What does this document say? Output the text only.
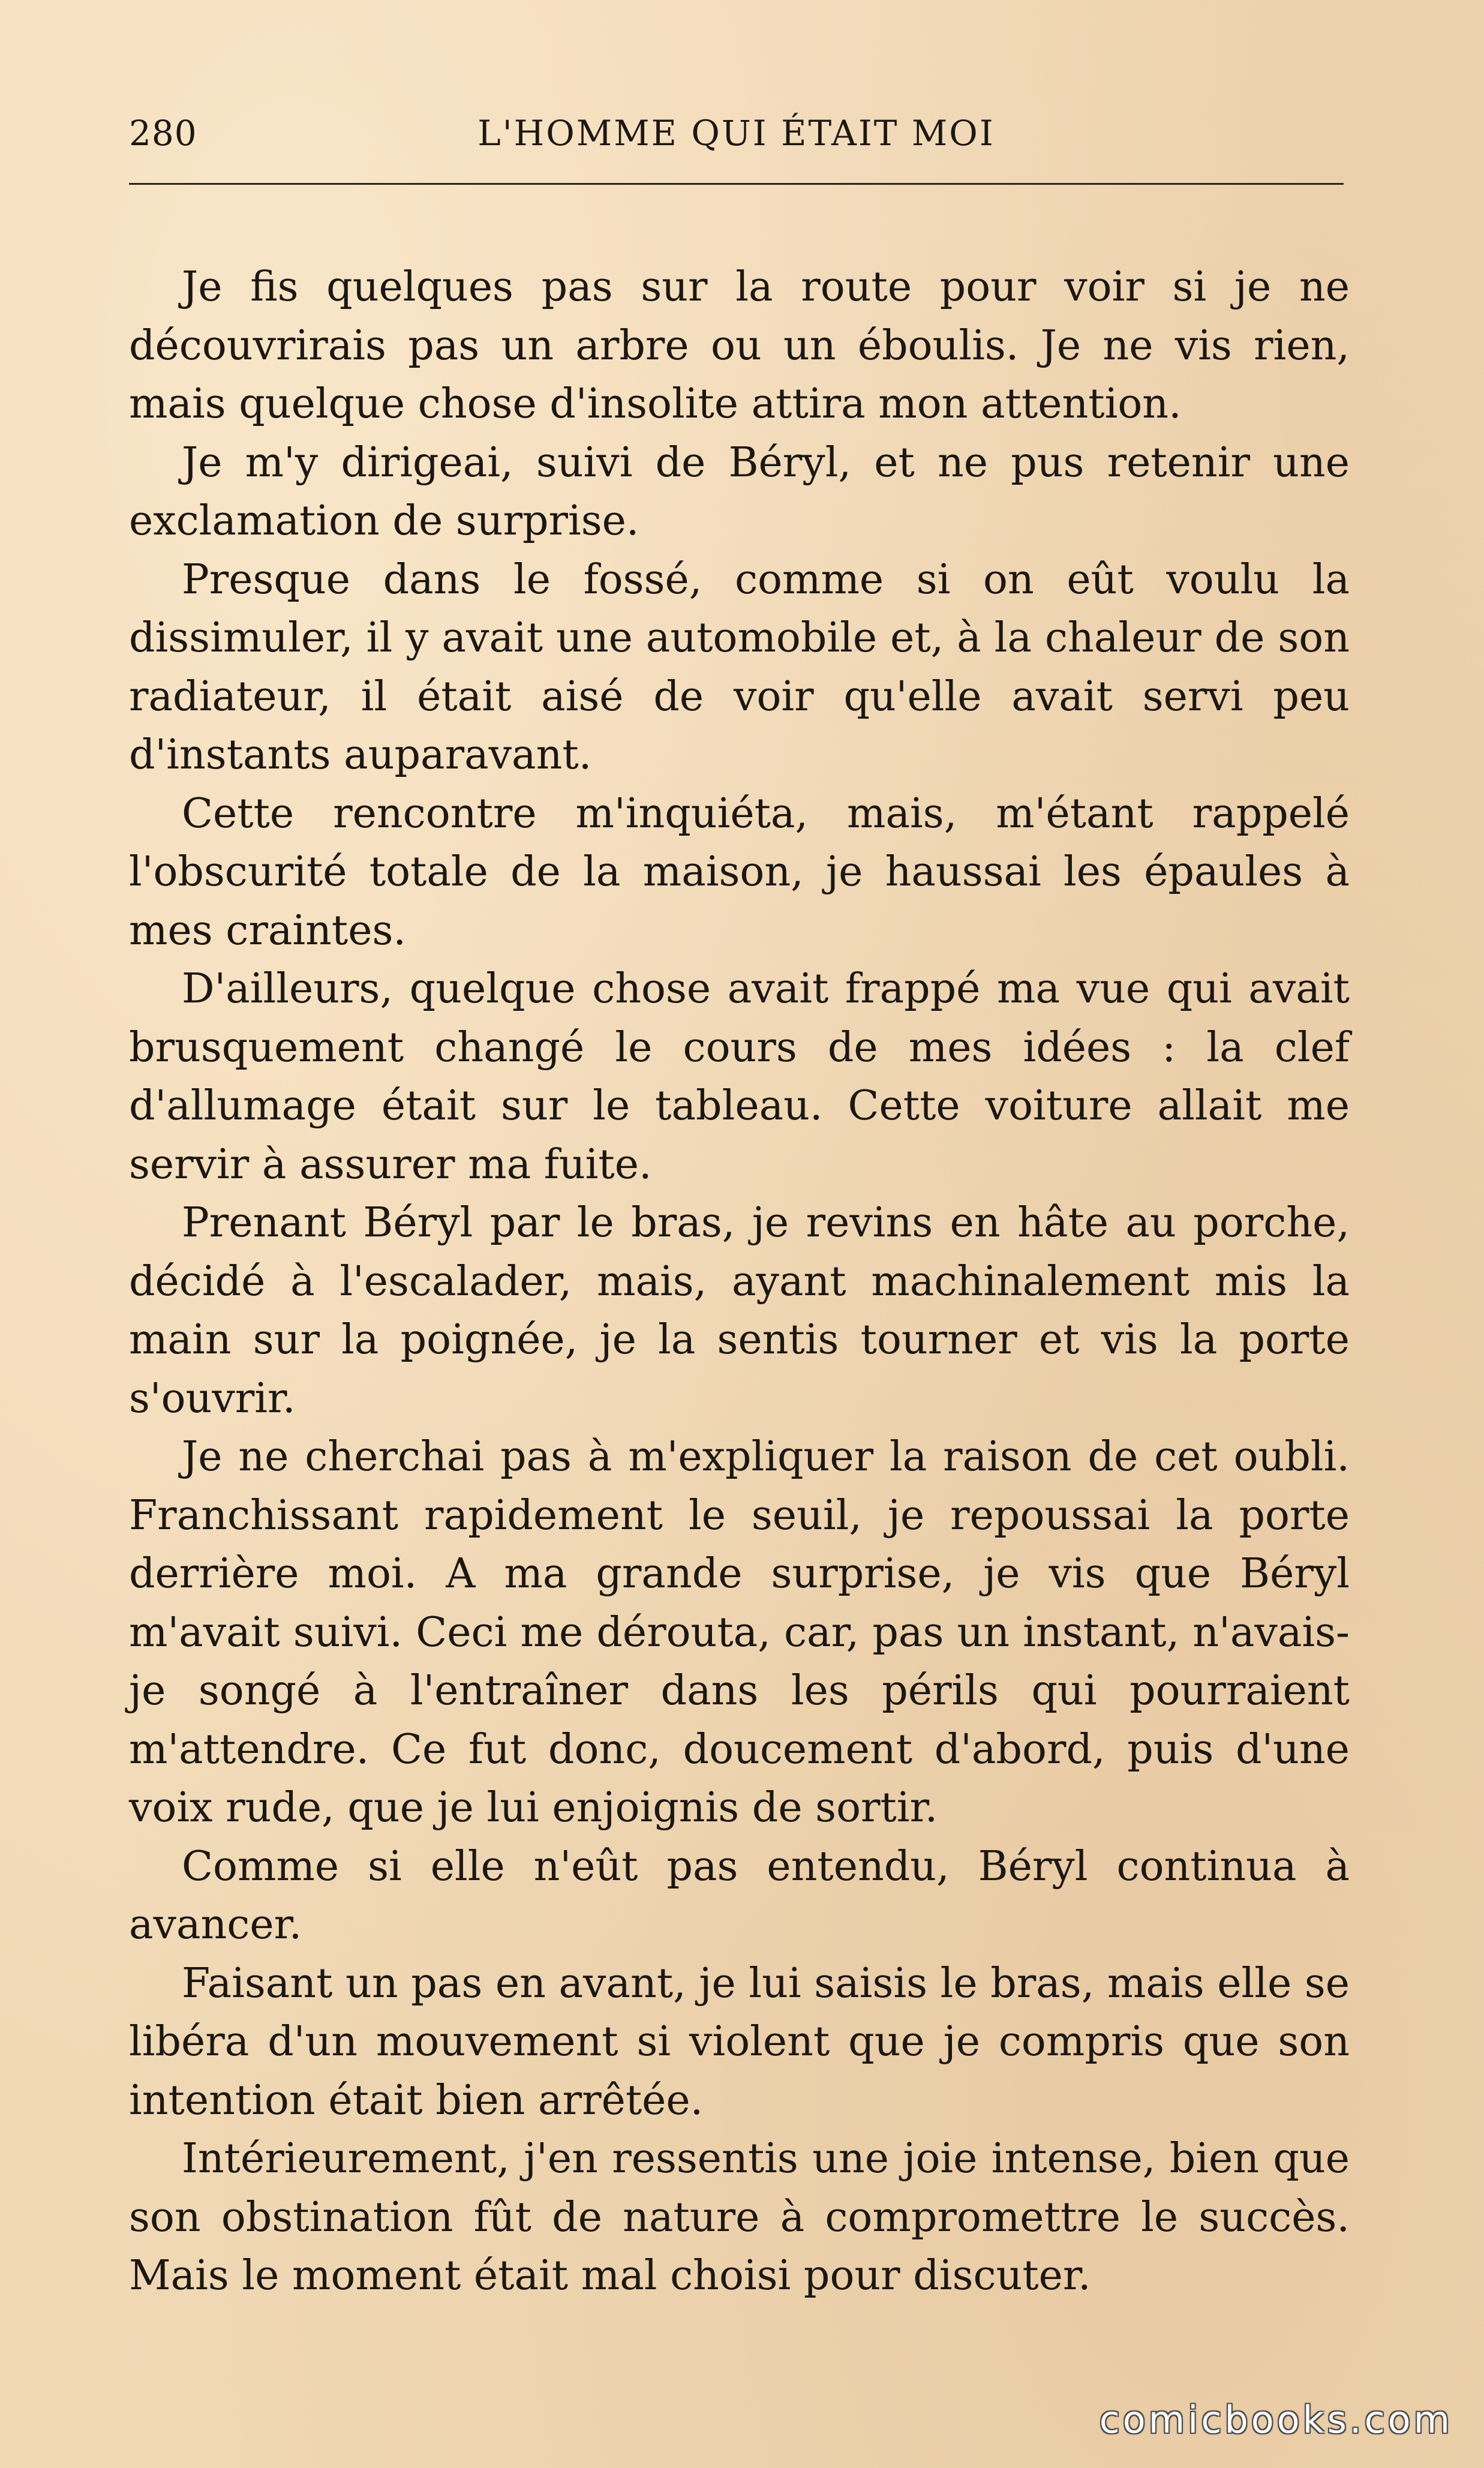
280	L'HOMME QUI ÉTAIT MOI

Je fis quelques pas sur la route pour voir si je ne découvrirais pas un arbre ou un éboulis. Je ne vis rien, mais quelque chose d'insolite attira mon attention.

Je m'y dirigeai, suivi de Béryl, et ne pus retenir une exclamation de surprise.

Presque dans le fossé, comme si on eût voulu la dissimuler, il y avait une automobile et, à la chaleur de son radiateur, il était aisé de voir qu'elle avait servi peu d'instants auparavant.

Cette rencontre m'inquiéta, mais, m'étant rappelé l'obscurité totale de la maison, je haussai les épaules à mes craintes.

D'ailleurs, quelque chose avait frappé ma vue qui avait brusquement changé le cours de mes idées : la clef d'allumage était sur le tableau. Cette voiture allait me servir à assurer ma fuite.

Prenant Béryl par le bras, je revins en hâte au porche, décidé à l'escalader, mais, ayant machinalement mis la main sur la poignée, je la sentis tourner et vis la porte s'ouvrir.

Je ne cherchai pas à m'expliquer la raison de cet oubli. Franchissant rapidement le seuil, je repoussai la porte derrière moi. A ma grande surprise, je vis que Béryl m'avait suivi. Ceci me dérouta, car, pas un instant, n'avais-je songé à l'entraîner dans les périls qui pourraient m'attendre. Ce fut donc, doucement d'abord, puis d'une voix rude, que je lui enjoignis de sortir.

Comme si elle n'eût pas entendu, Béryl continua à avancer.

Faisant un pas en avant, je lui saisis le bras, mais elle se libéra d'un mouvement si violent que je compris que son intention était bien arrêtée.

Intérieurement, j'en ressentis une joie intense, bien que son obstination fût de nature à compromettre le succès. Mais le moment était mal choisi pour discuter.

comicbooks.com
